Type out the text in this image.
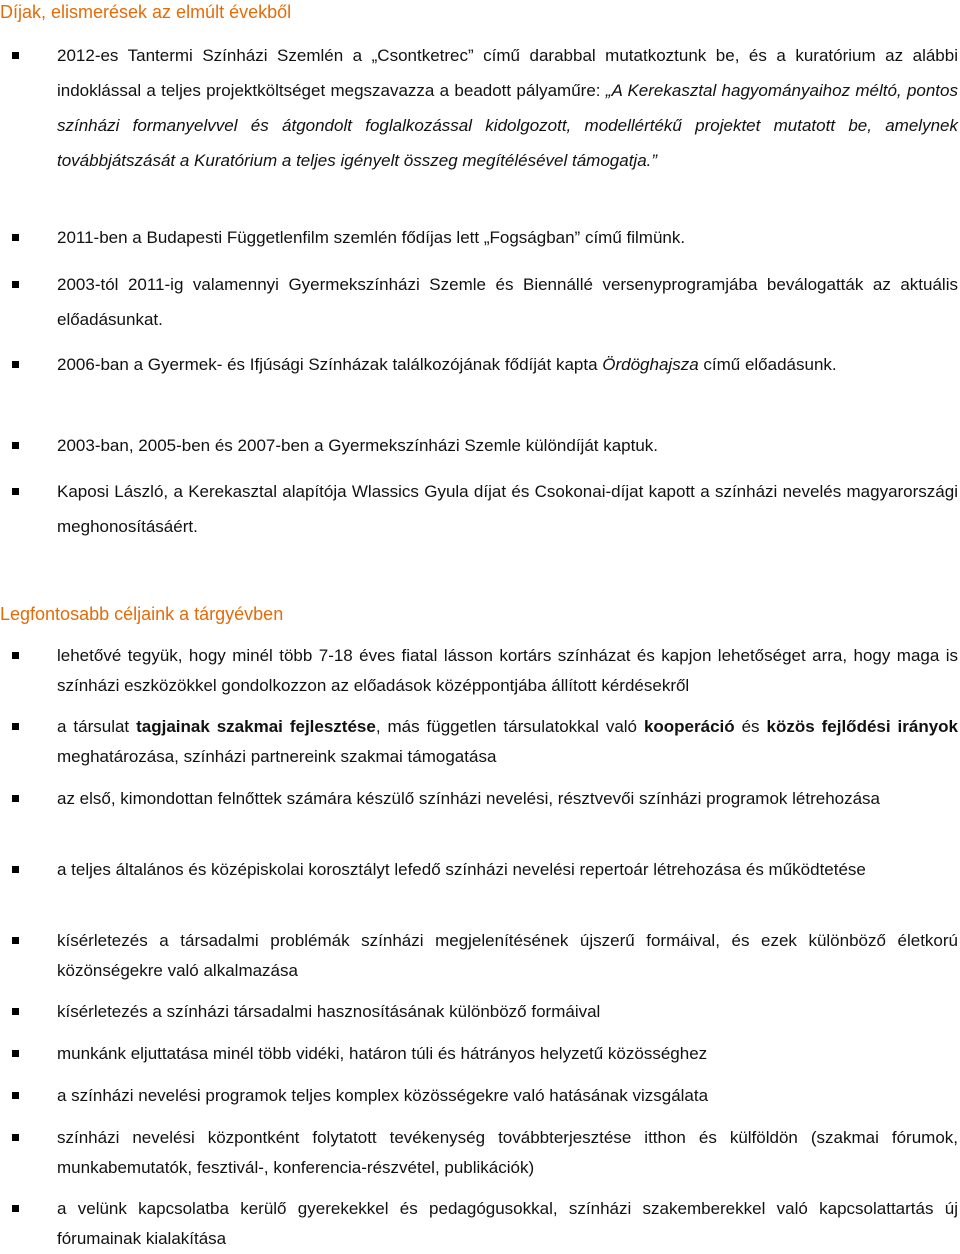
Díjak, elismerések az elmúlt évekből

2012-es Tantermi Színházi Szemlén a „Csontketrec” című darabbal mutatkoztunk be, és a kuratórium az alábbi indoklással a teljes projektköltséget megszavazza a beadott pályaműre: „A Kerekasztal hagyományaihoz méltó, pontos színházi formanyelvvel és átgondolt foglalkozással kidolgozott, modellértékű projektet mutatott be, amelynek továbbjátszását a Kuratórium a teljes igényelt összeg megítélésével támogatja.”

2011-ben a Budapesti Függetlenfilm szemlén fődíjas lett „Fogságban” című filmünk.

2003-tól 2011-ig valamennyi Gyermekszínházi Szemle és Biennállé versenyprogramjába beválogatták az aktuális előadásunkat.

2006-ban a Gyermek- és Ifjúsági Színházak találkozójának fődíját kapta Ördöghajsza című előadásunk.

2003-ban, 2005-ben és 2007-ben a Gyermekszínházi Szemle különdíját kaptuk.

Kaposi László, a Kerekasztal alapítója Wlassics Gyula díjat és Csokonai-díjat kapott a színházi nevelés magyarországi meghonosításáért.

Legfontosabb céljaink a tárgyévben

lehetővé tegyük, hogy minél több 7-18 éves fiatal lásson kortárs színházat és kapjon lehetőséget arra, hogy maga is színházi eszközökkel gondolkozzon az előadások középpontjába állított kérdésekről

a társulat tagjainak szakmai fejlesztése, más független társulatokkal való kooperáció és közös fejlődési irányok meghatározása, színházi partnereink szakmai támogatása

az első, kimondottan felnőttek számára készülő színházi nevelési, résztvevői színházi programok létrehozása

a teljes általános és középiskolai korosztályt lefedő színházi nevelési repertoár létrehozása és működtetése

kísérletezés a társadalmi problémák színházi megjelenítésének újszerű formáival, és ezek különböző életkorú közönségekre való alkalmazása

kísérletezés a színházi társadalmi hasznosításának különböző formáival

munkánk eljuttatása minél több vidéki, határon túli és hátrányos helyzetű közösséghez

a színházi nevelési programok teljes komplex közösségekre való hatásának vizsgálata

színházi nevelési központként folytatott tevékenység továbbterjesztése itthon és külföldön (szakmai fórumok, munkabemutatók, fesztivál-, konferencia-részvétel, publikációk)

a velünk kapcsolatba kerülő gyerekekkel és pedagógusokkal, színházi szakemberekkel való kapcsolattartás új fórumainak kialakítása
